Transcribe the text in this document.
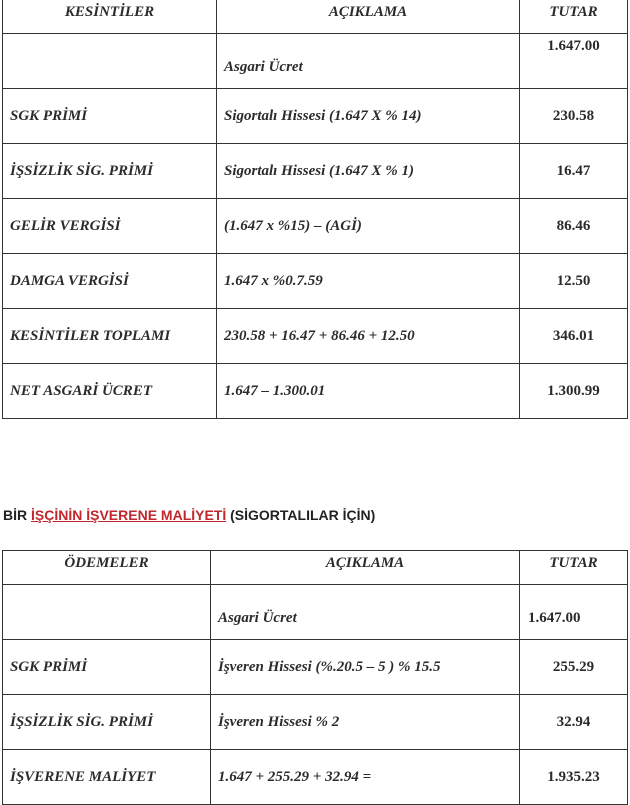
KESİNTİLER	AÇIKLAMA	TUTAR
	Asgari Ücret	1.647.00
SGK PRİMİ	Sigortalı Hissesi (1.647 X % 14)	230.58
İŞSİZLİK SİG. PRİMİ	Sigortalı Hissesi (1.647 X % 1)	16.47
GELİR VERGİSİ	(1.647 x %15) – (AGİ)	86.46
DAMGA VERGİSİ	1.647 x %0.7.59	12.50
KESİNTİLER TOPLAMI	230.58 + 16.47 + 86.46 + 12.50	346.01
NET ASGARİ ÜCRET	1.647 – 1.300.01	1.300.99
BİR İŞÇİNİN İŞVERENE MALİYETİ (SİGORTALILAR İÇİN)
ÖDEMELER	AÇIKLAMA	TUTAR
	Asgari Ücret	1.647.00
SGK PRİMİ	İşveren Hissesi (%.20.5 – 5 ) % 15.5	255.29
İŞSİZLİK SİG. PRİMİ	İşveren Hissesi % 2	32.94
İŞVERENE MALİYET	1.647 + 255.29 + 32.94 =	1.935.23
